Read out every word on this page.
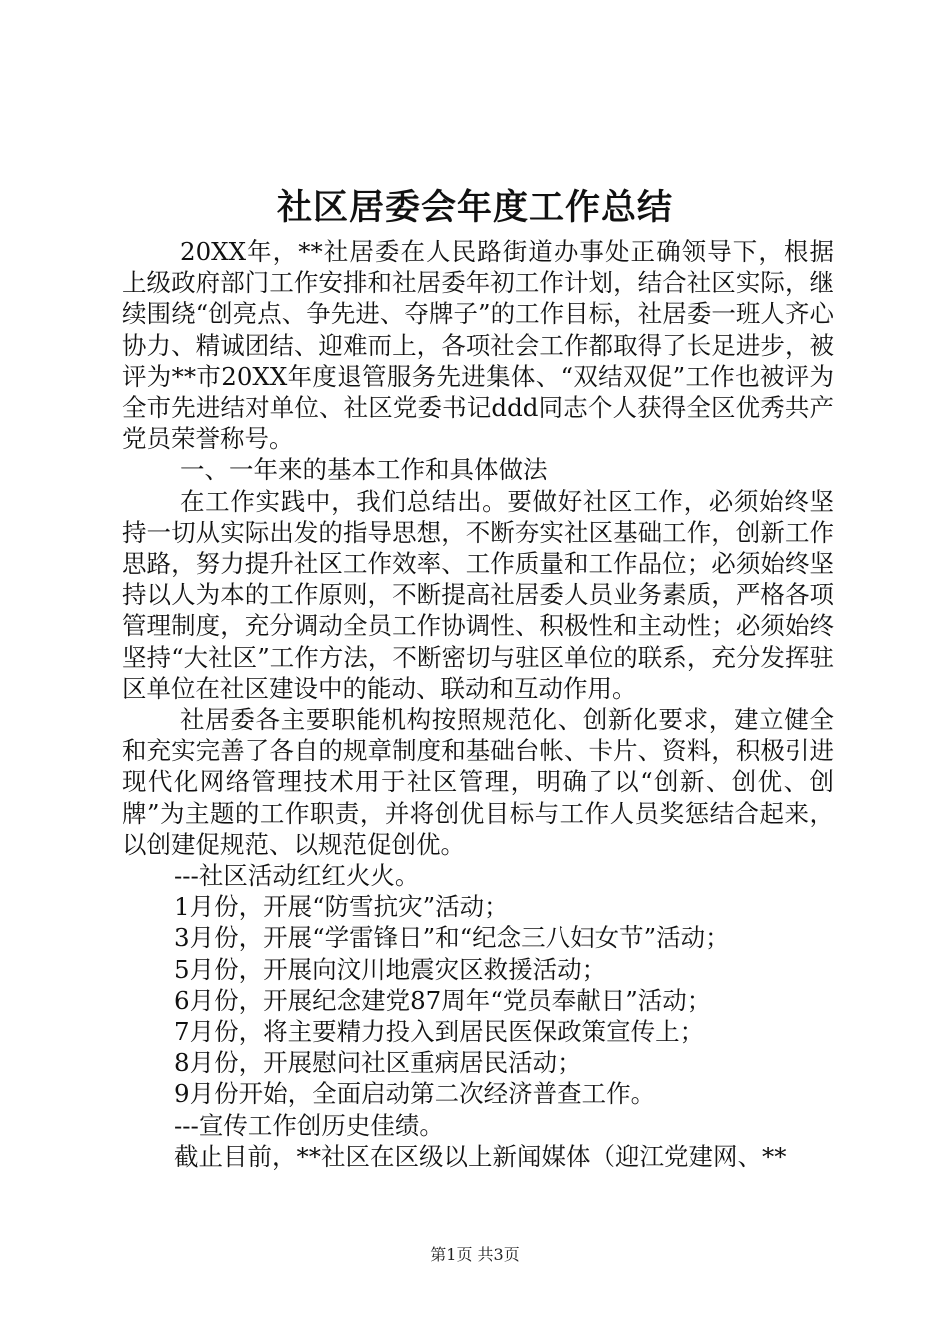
社区居委会年度工作总结

20XX年，**社居委在人民路街道办事处正确领导下，根据上级政府部门工作安排和社居委年初工作计划，结合社区实际，继续围绕“创亮点、争先进、夺牌子”的工作目标，社居委一班人齐心协力、精诚团结、迎难而上，各项社会工作都取得了长足进步，被评为**市20XX年度退管服务先进集体、“双结双促”工作也被评为全市先进结对单位、社区党委书记ddd同志个人获得全区优秀共产党员荣誉称号。

一、一年来的基本工作和具体做法

在工作实践中，我们总结出。要做好社区工作，必须始终坚持一切从实际出发的指导思想，不断夯实社区基础工作，创新工作思路，努力提升社区工作效率、工作质量和工作品位；必须始终坚持以人为本的工作原则，不断提高社居委人员业务素质，严格各项管理制度，充分调动全员工作协调性、积极性和主动性；必须始终坚持“大社区”工作方法，不断密切与驻区单位的联系，充分发挥驻区单位在社区建设中的能动、联动和互动作用。

社居委各主要职能机构按照规范化、创新化要求，建立健全和充实完善了各自的规章制度和基础台帐、卡片、资料，积极引进现代化网络管理技术用于社区管理，明确了以“创新、创优、创牌”为主题的工作职责，并将创优目标与工作人员奖惩结合起来，以创建促规范、以规范促创优。

---社区活动红红火火。

1月份，开展“防雪抗灾”活动；

3月份，开展“学雷锋日”和“纪念三八妇女节”活动；

5月份，开展向汶川地震灾区救援活动；

6月份，开展纪念建党87周年“党员奉献日”活动；

7月份，将主要精力投入到居民医保政策宣传上；

8月份，开展慰问社区重病居民活动；

9月份开始，全面启动第二次经济普查工作。

---宣传工作创历史佳绩。

截止目前，**社区在区级以上新闻媒体（迎江党建网、**

第1页 共3页
